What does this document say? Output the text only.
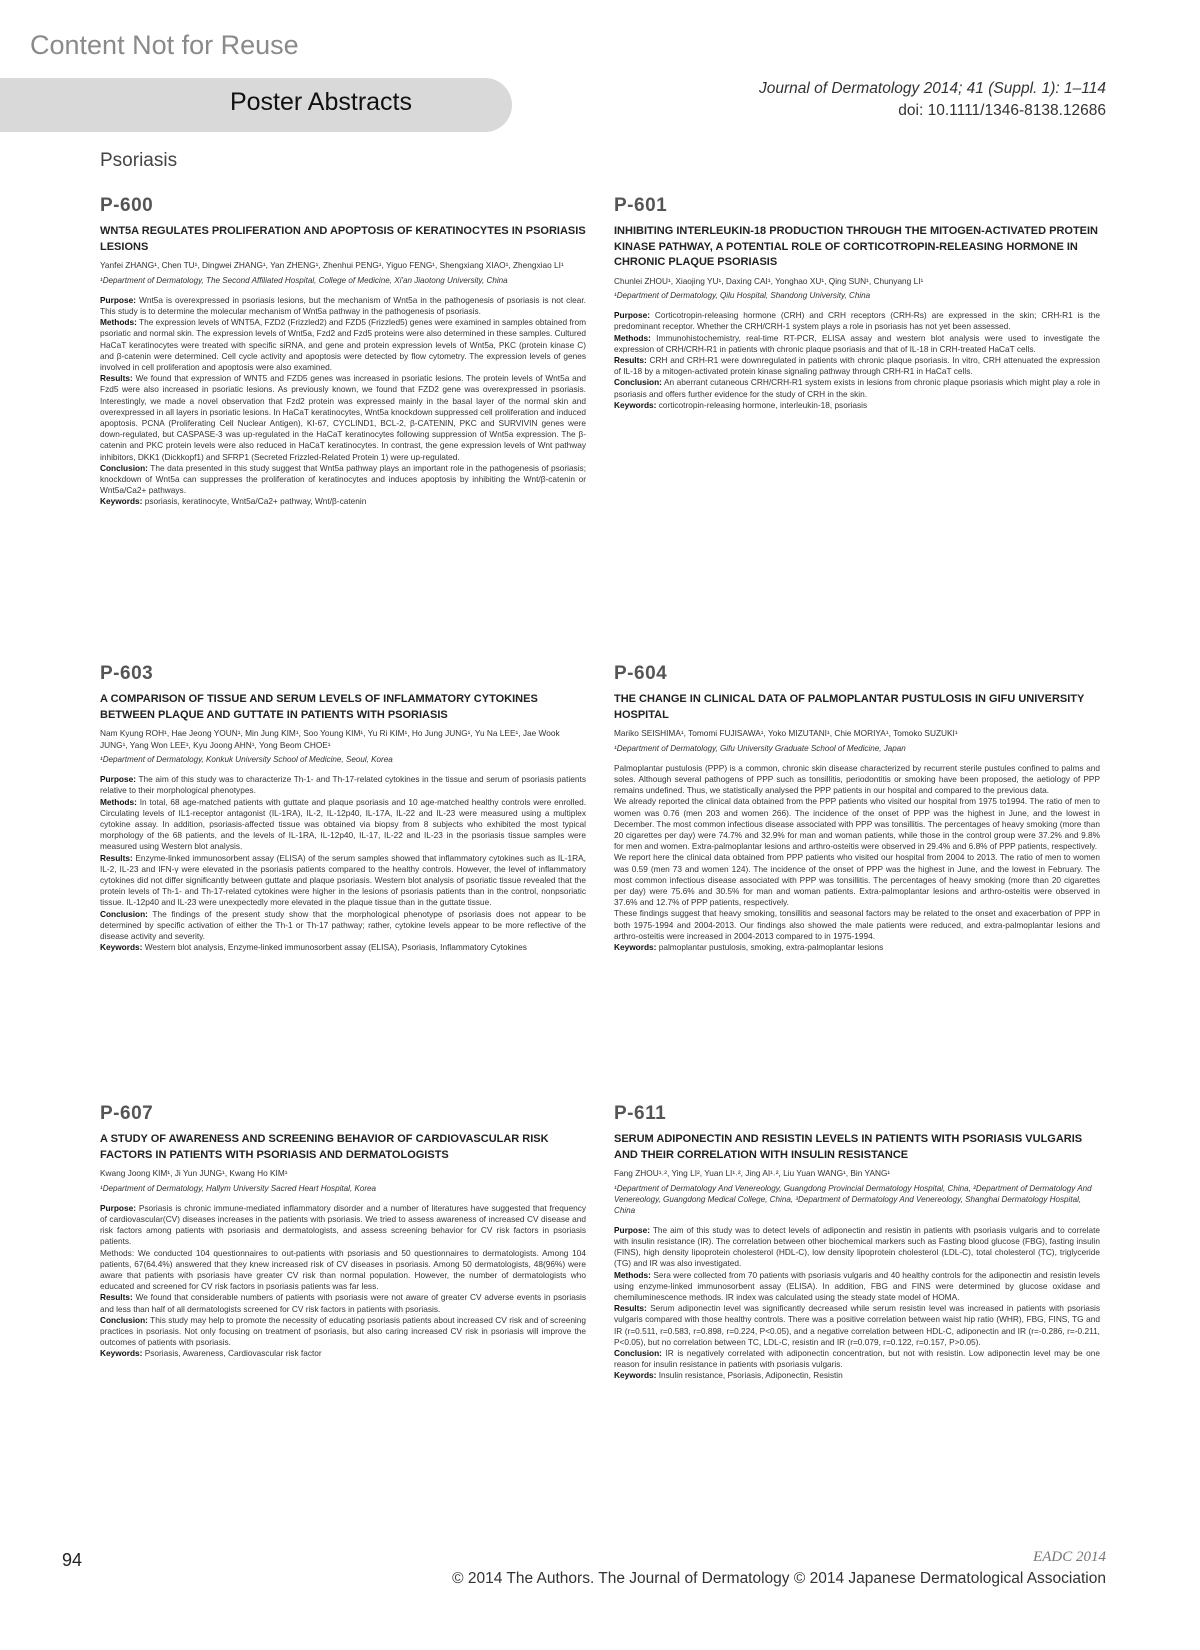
Content Not for Reuse
Poster Abstracts	Journal of Dermatology 2014; 41 (Suppl. 1): 1–114
doi: 10.1111/1346-8138.12686
Psoriasis
P-600
WNT5A REGULATES PROLIFERATION AND APOPTOSIS OF KERATINOCYTES IN PSORIASIS LESIONS
Yanfei ZHANG¹, Chen TU¹, Dingwei ZHANG¹, Yan ZHENG¹, Zhenhui PENG¹, Yiguo FENG¹, Shengxiang XIAO¹, Zhengxiao LI¹
¹Department of Dermatology, The Second Affiliated Hospital, College of Medicine, Xi'an Jiaotong University, China

Purpose: Wnt5a is overexpressed in psoriasis lesions, but the mechanism of Wnt5a in the pathogenesis of psoriasis is not clear. This study is to determine the molecular mechanism of Wnt5a pathway in the pathogenesis of psoriasis.

Methods: The expression levels of WNT5A, FZD2 (Frizzled2) and FZD5 (Frizzled5) genes were examined in samples obtained from psoriatic and normal skin. The expression levels of Wnt5a, Fzd2 and Fzd5 proteins were also determined in these samples. Cultured HaCaT keratinocytes were treated with specific siRNA, and gene and protein expression levels of Wnt5a, PKC (protein kinase C) and β-catenin were determined. Cell cycle activity and apoptosis were detected by flow cytometry. The expression levels of genes involved in cell proliferation and apoptosis were also examined.

Results: We found that expression of WNT5 and FZD5 genes was increased in psoriatic lesions. The protein levels of Wnt5a and Fzd5 were also increased in psoriatic lesions. As previously known, we found that FZD2 gene was overexpressed in psoriasis. Interestingly, we made a novel observation that Fzd2 protein was expressed mainly in the basal layer of the normal skin and overexpressed in all layers in psoriatic lesions. In HaCaT keratinocytes, Wnt5a knockdown suppressed cell proliferation and induced apoptosis. PCNA (Proliferating Cell Nuclear Antigen), KI-67, CYCLIND1, BCL-2, β-CATENIN, PKC and SURVIVIN genes were down-regulated, but CASPASE-3 was up-regulated in the HaCaT keratinocytes following suppression of Wnt5a expression. The β-catenin and PKC protein levels were also reduced in HaCaT keratinocytes. In contrast, the gene expression levels of Wnt pathway inhibitors, DKK1 (Dickkopf1) and SFRP1 (Secreted Frizzled-Related Protein 1) were up-regulated.

Conclusion: The data presented in this study suggest that Wnt5a pathway plays an important role in the pathogenesis of psoriasis; knockdown of Wnt5a can suppresses the proliferation of keratinocytes and induces apoptosis by inhibiting the Wnt/β-catenin or Wnt5a/Ca2+ pathways.

Keywords: psoriasis, keratinocyte, Wnt5a/Ca2+ pathway, Wnt/β-catenin

P-601
INHIBITING INTERLEUKIN-18 PRODUCTION THROUGH THE MITOGEN-ACTIVATED PROTEIN KINASE PATHWAY, A POTENTIAL ROLE OF CORTICOTROPIN-RELEASING HORMONE IN CHRONIC PLAQUE PSORIASIS
Chunlei ZHOU¹, Xiaojing YU¹, Daxing CAI¹, Yonghao XU¹, Qing SUN¹, Chunyang LI¹
¹Department of Dermatology, Qilu Hospital, Shandong University, China

Purpose: Corticotropin-releasing hormone (CRH) and CRH receptors (CRH-Rs) are expressed in the skin; CRH-R1 is the predominant receptor. Whether the CRH/CRH-1 system plays a role in psoriasis has not yet been assessed.

Methods: Immunohistochemistry, real-time RT-PCR, ELISA assay and western blot analysis were used to investigate the expression of CRH/CRH-R1 in patients with chronic plaque psoriasis and that of IL-18 in CRH-treated HaCaT cells.

Results: CRH and CRH-R1 were downregulated in patients with chronic plaque psoriasis. In vitro, CRH attenuated the expression of IL-18 by a mitogen-activated protein kinase signaling pathway through CRH-R1 in HaCaT cells.

Conclusion: An aberrant cutaneous CRH/CRH-R1 system exists in lesions from chronic plaque psoriasis which might play a role in psoriasis and offers further evidence for the study of CRH in the skin.

Keywords: corticotropin-releasing hormone, interleukin-18, psoriasis

P-603
A COMPARISON OF TISSUE AND SERUM LEVELS OF INFLAMMATORY CYTOKINES BETWEEN PLAQUE AND GUTTATE IN PATIENTS WITH PSORIASIS
Nam Kyung ROH¹, Hae Jeong YOUN¹, Min Jung KIM¹, Soo Young KIM¹, Yu Ri KIM¹, Ho Jung JUNG¹, Yu Na LEE¹, Jae Wook JUNG¹, Yang Won LEE¹, Kyu Joong AHN¹, Yong Beom CHOE¹
¹Department of Dermatology, Konkuk University School of Medicine, Seoul, Korea

Purpose: The aim of this study was to characterize Th-1- and Th-17-related cytokines in the tissue and serum of psoriasis patients relative to their morphological phenotypes.

Methods: In total, 68 age-matched patients with guttate and plaque psoriasis and 10 age-matched healthy controls were enrolled. Circulating levels of IL1-receptor antagonist (IL-1RA), IL-2, IL-12p40, IL-17A, IL-22 and IL-23 were measured using a multiplex cytokine assay. In addition, psoriasis-affected tissue was obtained via biopsy from 8 subjects who exhibited the most typical morphology of the 68 patients, and the levels of IL-1RA, IL-12p40, IL-17, IL-22 and IL-23 in the psoriasis tissue samples were measured using Western blot analysis.

Results: Enzyme-linked immunosorbent assay (ELISA) of the serum samples showed that inflammatory cytokines such as IL-1RA, IL-2, IL-23 and IFN-γ were elevated in the psoriasis patients compared to the healthy controls. However, the level of inflammatory cytokines did not differ significantly between guttate and plaque psoriasis. Western blot analysis of psoriatic tissue revealed that the protein levels of Th-1- and Th-17-related cytokines were higher in the lesions of psoriasis patients than in the control, nonpsoriatic tissue. IL-12p40 and IL-23 were unexpectedly more elevated in the plaque tissue than in the guttate tissue.

Conclusion: The findings of the present study show that the morphological phenotype of psoriasis does not appear to be determined by specific activation of either the Th-1 or Th-17 pathway; rather, cytokine levels appear to be more reflective of the disease activity and severity.

Keywords: Western blot analysis, Enzyme-linked immunosorbent assay (ELISA), Psoriasis, Inflammatory Cytokines

P-604
THE CHANGE IN CLINICAL DATA OF PALMOPLANTAR PUSTULOSIS IN GIFU UNIVERSITY HOSPITAL
Mariko SEISHIMA¹, Tomomi FUJISAWA¹, Yoko MIZUTANI¹, Chie MORIYA¹, Tomoko SUZUKI¹
¹Department of Dermatology, Gifu University Graduate School of Medicine, Japan

Palmoplantar pustulosis (PPP) is a common, chronic skin disease characterized by recurrent sterile pustules confined to palms and soles. Although several pathogens of PPP such as tonsillitis, periodontitis or smoking have been proposed, the aetiology of PPP remains undefined. Thus, we statistically analysed the PPP patients in our hospital and compared to the previous data.

We already reported the clinical data obtained from the PPP patients who visited our hospital from 1975 to1994. The ratio of men to women was 0.76 (men 203 and women 266). The incidence of the onset of PPP was the highest in June, and the lowest in December. The most common infectious disease associated with PPP was tonsillitis. The percentages of heavy smoking (more than 20 cigarettes per day) were 74.7% and 32.9% for man and woman patients, while those in the control group were 37.2% and 9.8% for men and women. Extra-palmoplantar lesions and arthro-osteitis were observed in 29.4% and 6.8% of PPP patients, respectively.

We report here the clinical data obtained from PPP patients who visited our hospital from 2004 to 2013. The ratio of men to women was 0.59 (men 73 and women 124). The incidence of the onset of PPP was the highest in June, and the lowest in February. The most common infectious disease associated with PPP was tonsillitis. The percentages of heavy smoking (more than 20 cigarettes per day) were 75.6% and 30.5% for man and woman patients. Extra-palmoplantar lesions and arthro-osteitis were observed in 37.6% and 12.7% of PPP patients, respectively.

These findings suggest that heavy smoking, tonsillitis and seasonal factors may be related to the onset and exacerbation of PPP in both 1975-1994 and 2004-2013. Our findings also showed the male patients were reduced, and extra-palmoplantar lesions and arthro-osteitis were increased in 2004-2013 compared to in 1975-1994.

Keywords: palmoplantar pustulosis, smoking, extra-palmoplantar lesions

P-607
A STUDY OF AWARENESS AND SCREENING BEHAVIOR OF CARDIOVASCULAR RISK FACTORS IN PATIENTS WITH PSORIASIS AND DERMATOLOGISTS
Kwang Joong KIM¹, Ji Yun JUNG¹, Kwang Ho KIM¹
¹Department of Dermatology, Hallym University Sacred Heart Hospital, Korea

Purpose: Psoriasis is chronic immune-mediated inflammatory disorder and a number of literatures have suggested that frequency of cardiovascular(CV) diseases increases in the patients with psoriasis. We tried to assess awareness of increased CV disease and risk factors among patients with psoriasis and dermatologists, and assess screening behavior for CV risk factors in psoriasis patients.

Methods: We conducted 104 questionnaires to out-patients with psoriasis and 50 questionnaires to dermatologists. Among 104 patients, 67(64.4%) answered that they knew increased risk of CV diseases in psoriasis. Among 50 dermatologists, 48(96%) were aware that patients with psoriasis have greater CV risk than normal population. However, the number of dermatologists who educated and screened for CV risk factors in psoriasis patients was far less.

Results: We found that considerable numbers of patients with psoriasis were not aware of greater CV adverse events in psoriasis and less than half of all dermatologists screened for CV risk factors in patients with psoriasis.

Conclusion: This study may help to promote the necessity of educating psoriasis patients about increased CV risk and of screening practices in psoriasis. Not only focusing on treatment of psoriasis, but also caring increased CV risk in psoriasis will improve the outcomes of patients with psoriasis.

Keywords: Psoriasis, Awareness, Cardiovascular risk factor

P-611
SERUM ADIPONECTIN AND RESISTIN LEVELS IN PATIENTS WITH PSORIASIS VULGARIS AND THEIR CORRELATION WITH INSULIN RESISTANCE
Fang ZHOU¹˒², Ying LI², Yuan LI¹˒², Jing AI¹˒², Liu Yuan WANG¹, Bin YANG¹
¹Department of Dermatology And Venereology, Guangdong Provincial Dermatology Hospital, China, ²Department of Dermatology And Venereology, Guangdong Medical College, China, ³Department of Dermatology And Venereology, Shanghai Dermatology Hospital, China

Purpose: The aim of this study was to detect levels of adiponectin and resistin in patients with psoriasis vulgaris and to correlate with insulin resistance (IR). The correlation between other biochemical markers such as Fasting blood glucose (FBG), fasting insulin (FINS), high density lipoprotein cholesterol (HDL-C), low density lipoprotein cholesterol (LDL-C), total cholesterol (TC), triglyceride (TG) and IR was also investigated.

Methods: Sera were collected from 70 patients with psoriasis vulgaris and 40 healthy controls for the adiponectin and resistin levels using enzyme-linked immunosorbent assay (ELISA). In addition, FBG and FINS were determined by glucose oxidase and chemiluminescence methods. IR index was calculated using the steady state model of HOMA.

Results: Serum adiponectin level was significantly decreased while serum resistin level was increased in patients with psoriasis vulgaris compared with those healthy controls. There was a positive correlation between waist hip ratio (WHR), FBG, FINS, TG and IR (r=0.511, r=0.583, r=0.898, r=0.224, P<0.05), and a negative correlation between HDL-C, adiponectin and IR (r=-0.286, r=-0.211, P<0.05), but no correlation between TC, LDL-C, resistin and IR (r=0.079, r=0.122, r=0.157, P>0.05).

Conclusion: IR is negatively correlated with adiponectin concentration, but not with resistin. Low adiponectin level may be one reason for insulin resistance in patients with psoriasis vulgaris.

Keywords: Insulin resistance, Psoriasis, Adiponectin, Resistin

94	EADC 2014
© 2014 The Authors. The Journal of Dermatology © 2014 Japanese Dermatological Association
